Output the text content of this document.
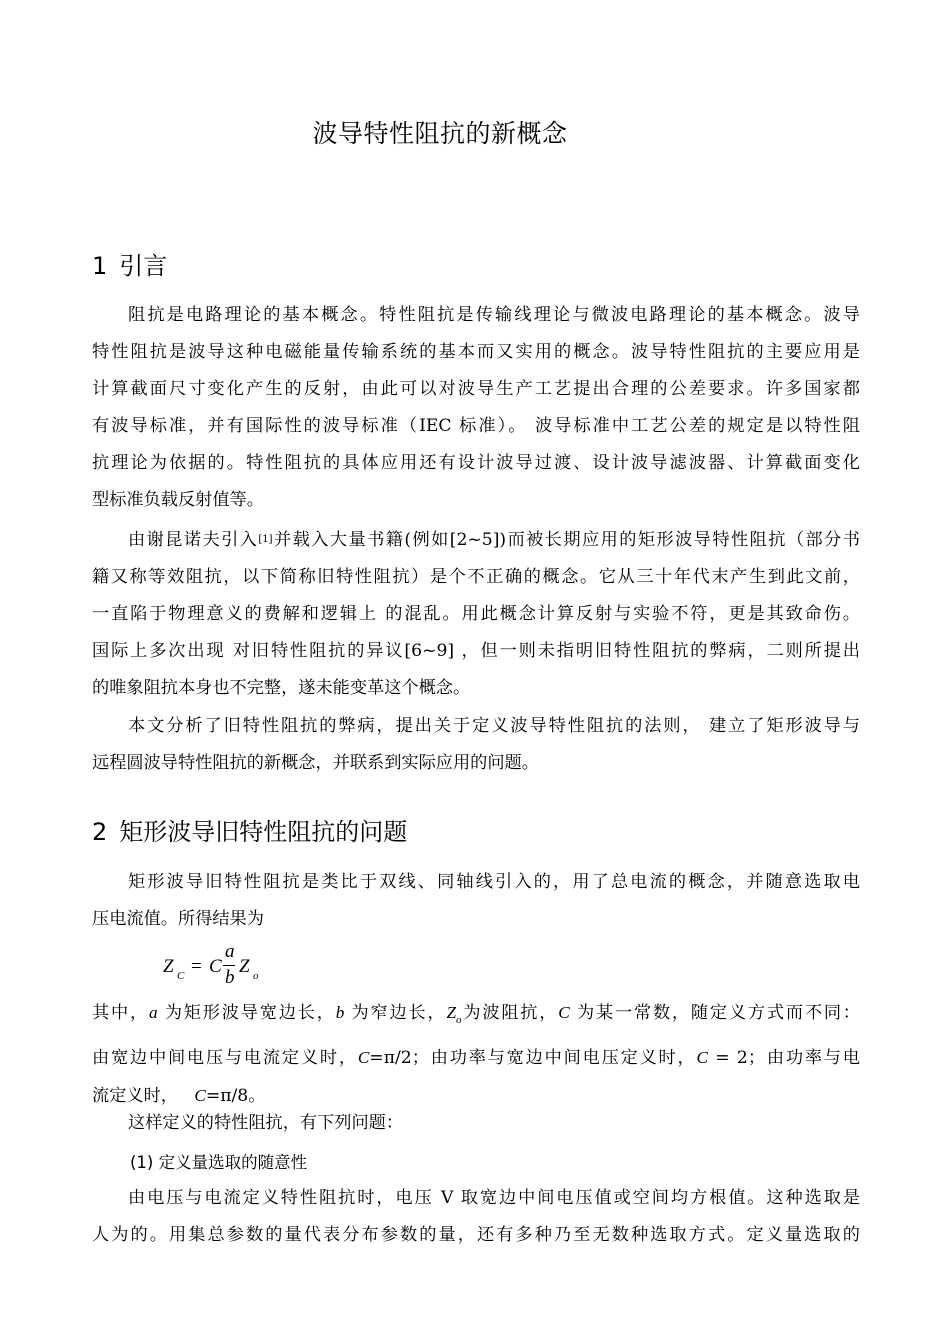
波导特性阻抗的新概念
1 引言
阻抗是电路理论的基本概念。特性阻抗是传输线理论与微波电路理论的基本概念。波导
特性阻抗是波导这种电磁能量传输系统的基本而又实用的概念。波导特性阻抗的主要应用是
计算截面尺寸变化产生的反射，由此可以对波导生产工艺提出合理的公差要求。许多国家都
有波导标准，并有国际性的波导标准（IEC 标准）。 波导标准中工艺公差的规定是以特性阻
抗理论为依据的。特性阻抗的具体应用还有设计波导过渡、设计波导滤波器、计算截面变化
型标准负载反射值等。
由谢昆诺夫引入[1]并载入大量书籍(例如[2~5])而被长期应用的矩形波导特性阻抗（部分书
籍又称等效阻抗，以下简称旧特性阻抗）是个不正确的概念。它从三十年代末产生到此文前，
一直陷于物理意义的费解和逻辑上 的混乱。用此概念计算反射与实验不符，更是其致命伤。
国际上多次出现 对旧特性阻抗的异议[6~9] ，但一则未指明旧特性阻抗的弊病，二则所提出
的唯象阻抗本身也不完整，遂未能变革这个概念。
本文分析了旧特性阻抗的弊病，提出关于定义波导特性阻抗的法则， 建立了矩形波导与
远程圆波导特性阻抗的新概念，并联系到实际应用的问题。
2 矩形波导旧特性阻抗的问题
矩形波导旧特性阻抗是类比于双线、同轴线引入的，用了总电流的概念，并随意选取电
压电流值。所得结果为
Z C = C
a
b
Z o
其中，a 为矩形波导宽边长，b 为窄边长，$Z_o$为波阻抗，C 为某一常数，随定义方式而不同：
由宽边中间电压与电流定义时，C=π/2；由功率与宽边中间电压定义时，C = 2；由功率与电
流定义时，   C=π/8。
这样定义的特性阻抗，有下列问题：
(1) 定义量选取的随意性
由电压与电流定义特性阻抗时，电压 V 取宽边中间电压值或空间均方根值。这种选取是
人为的。用集总参数的量代表分布参数的量，还有多种乃至无数种选取方式。定义量选取的
